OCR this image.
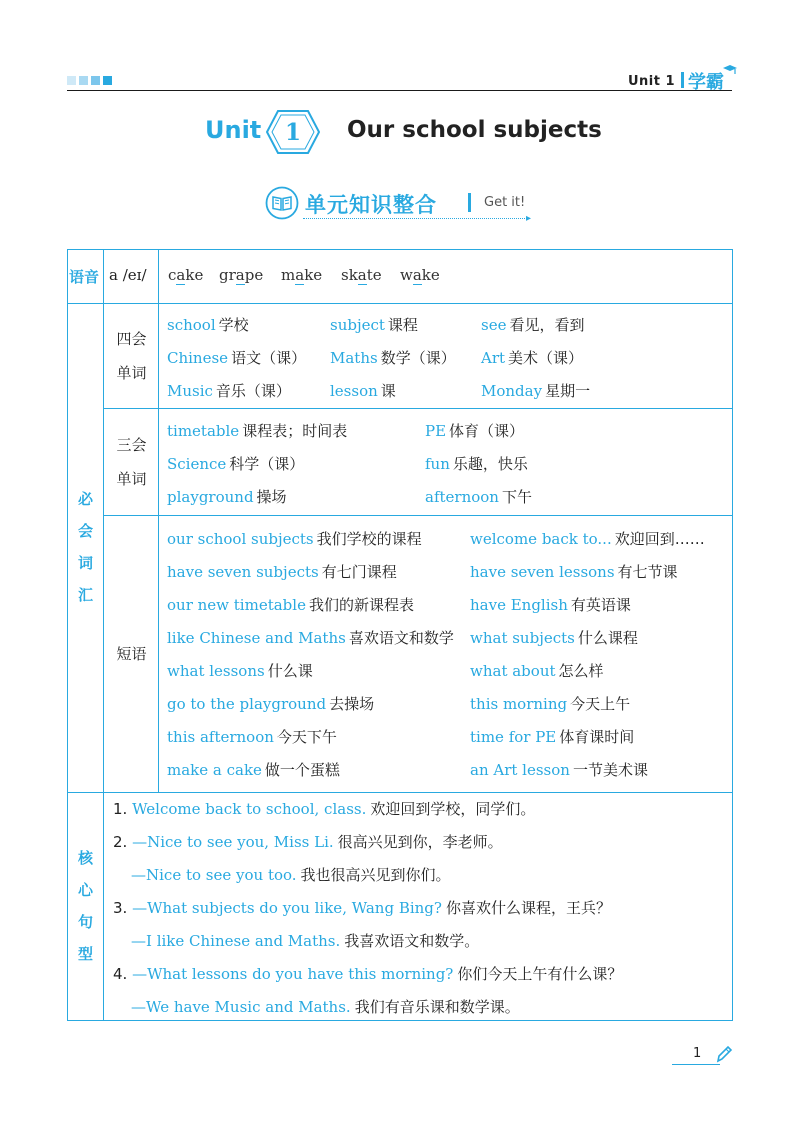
Unit 1 学霸
Unit	1	Our school subjects
单元知识整合	Get it!
▸
语音 a /eɪ/ cake grape make skate wake
必
会
词
汇
四会
单词
school 学校	subject 课程	see 看见，看到
Chinese 语文（课） Maths 数学（课） Art 美术（课）
Music 音乐（课）	lesson 课	Monday 星期一
三会
单词
timetable 课程表；时间表	PE 体育（课）
Science 科学（课）	fun 乐趣，快乐
playground 操场	afternoon 下午
短语
our school subjects 我们学校的课程	welcome back to... 欢迎回到……
have seven subjects 有七门课程	have seven lessons 有七节课
our new timetable 我们的新课程表	have English 有英语课
like Chinese and Maths 喜欢语文和数学 what subjects 什么课程
what lessons 什么课	what about 怎么样
go to the playground 去操场	this morning 今天上午
this afternoon 今天下午	time for PE 体育课时间
make a cake 做一个蛋糕	an Art lesson 一节美术课
核
心
句
型
1. Welcome back to school, class. 欢迎回到学校，同学们。
2. —Nice to see you, Miss Li. 很高兴见到你，李老师。
—Nice to see you too. 我也很高兴见到你们。
3. —What subjects do you like, Wang Bing? 你喜欢什么课程，王兵？
—I like Chinese and Maths. 我喜欢语文和数学。
4. —What lessons do you have this morning? 你们今天上午有什么课？
—We have Music and Maths. 我们有音乐课和数学课。
1
